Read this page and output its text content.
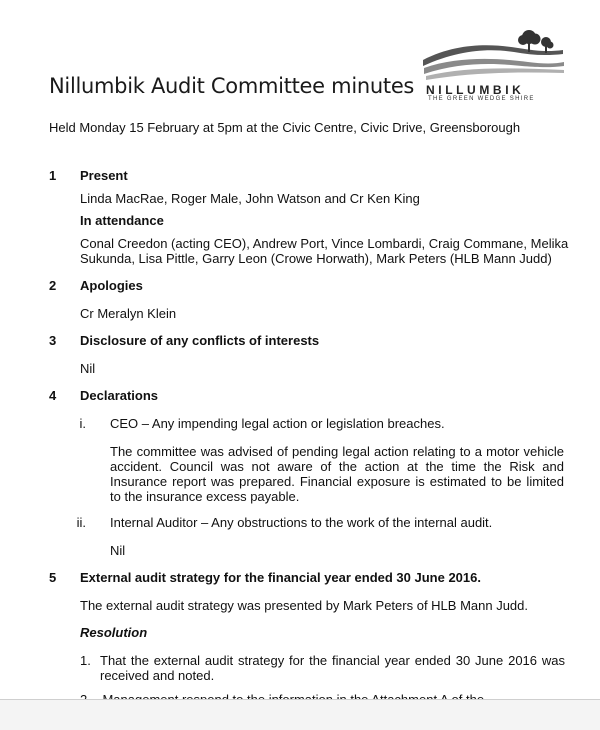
Nillumbik Audit Committee minutes NILLUMBIK
THE GREEN WEDGE SHIRE
Held Monday 15 February at 5pm at the Civic Centre, Civic Drive, Greensborough
1 Present
Linda MacRae, Roger Male, John Watson and Cr Ken King
In attendance
Conal Creedon (acting CEO), Andrew Port, Vince Lombardi, Craig Commane, Melika
Sukunda, Lisa Pittle, Garry Leon (Crowe Horwath), Mark Peters (HLB Mann Judd)
2 Apologies
Cr Meralyn Klein
3 Disclosure of any conflicts of interests
Nil
4 Declarations
i. CEO – Any impending legal action or legislation breaches.
The committee was advised of pending legal action relating to a motor vehicle accident. Council was not aware of the action at the time the Risk and Insurance report was prepared. Financial exposure is estimated to be limited to the insurance excess payable.
ii. Internal Auditor – Any obstructions to the work of the internal audit.
Nil
5 External audit strategy for the financial year ended 30 June 2016.
The external audit strategy was presented by Mark Peters of HLB Mann Judd.
Resolution
1. That the external audit strategy for the financial year ended 30 June 2016 was received and noted.
